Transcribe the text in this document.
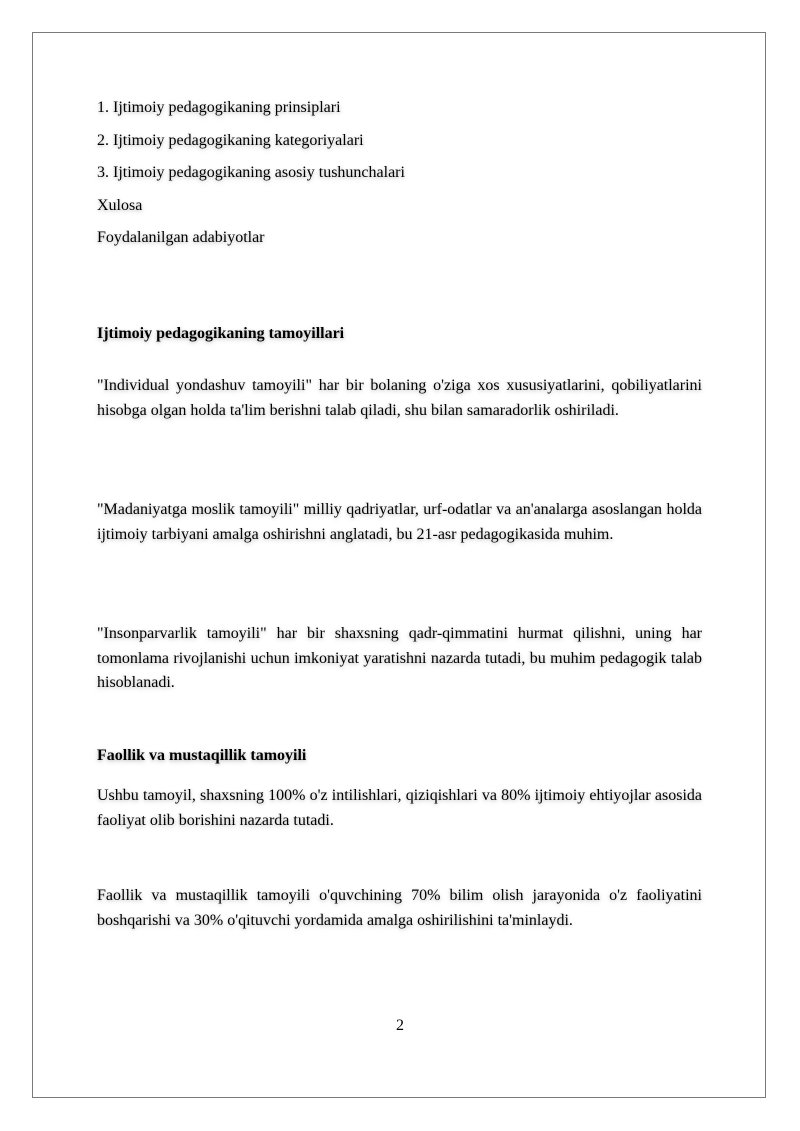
1. Ijtimoiy pedagogikaning prinsiplari
2. Ijtimoiy pedagogikaning kategoriyalari
3. Ijtimoiy pedagogikaning asosiy tushunchalari
Xulosa
Foydalanilgan adabiyotlar
Ijtimoiy pedagogikaning tamoyillari
"Individual yondashuv tamoyili" har bir bolaning o'ziga xos xususiyatlarini, qobiliyatlarini hisobga olgan holda ta'lim berishni talab qiladi, shu bilan samaradorlik oshiriladi.
"Madaniyatga moslik tamoyili" milliy qadriyatlar, urf-odatlar va an'analarga asoslangan holda ijtimoiy tarbiyani amalga oshirishni anglatadi, bu 21-asr pedagogikasida muhim.
"Insonparvarlik tamoyili" har bir shaxsning qadr-qimmatini hurmat qilishni, uning har tomonlama rivojlanishi uchun imkoniyat yaratishni nazarda tutadi, bu muhim pedagogik talab hisoblanadi.
Faollik va mustaqillik tamoyili
Ushbu tamoyil, shaxsning 100% o'z intilishlari, qiziqishlari va 80% ijtimoiy ehtiyojlar asosida faoliyat olib borishini nazarda tutadi.
Faollik va mustaqillik tamoyili o'quvchining 70% bilim olish jarayonida o'z faoliyatini boshqarishi va 30% o'qituvchi yordamida amalga oshirilishini ta'minlaydi.
2
